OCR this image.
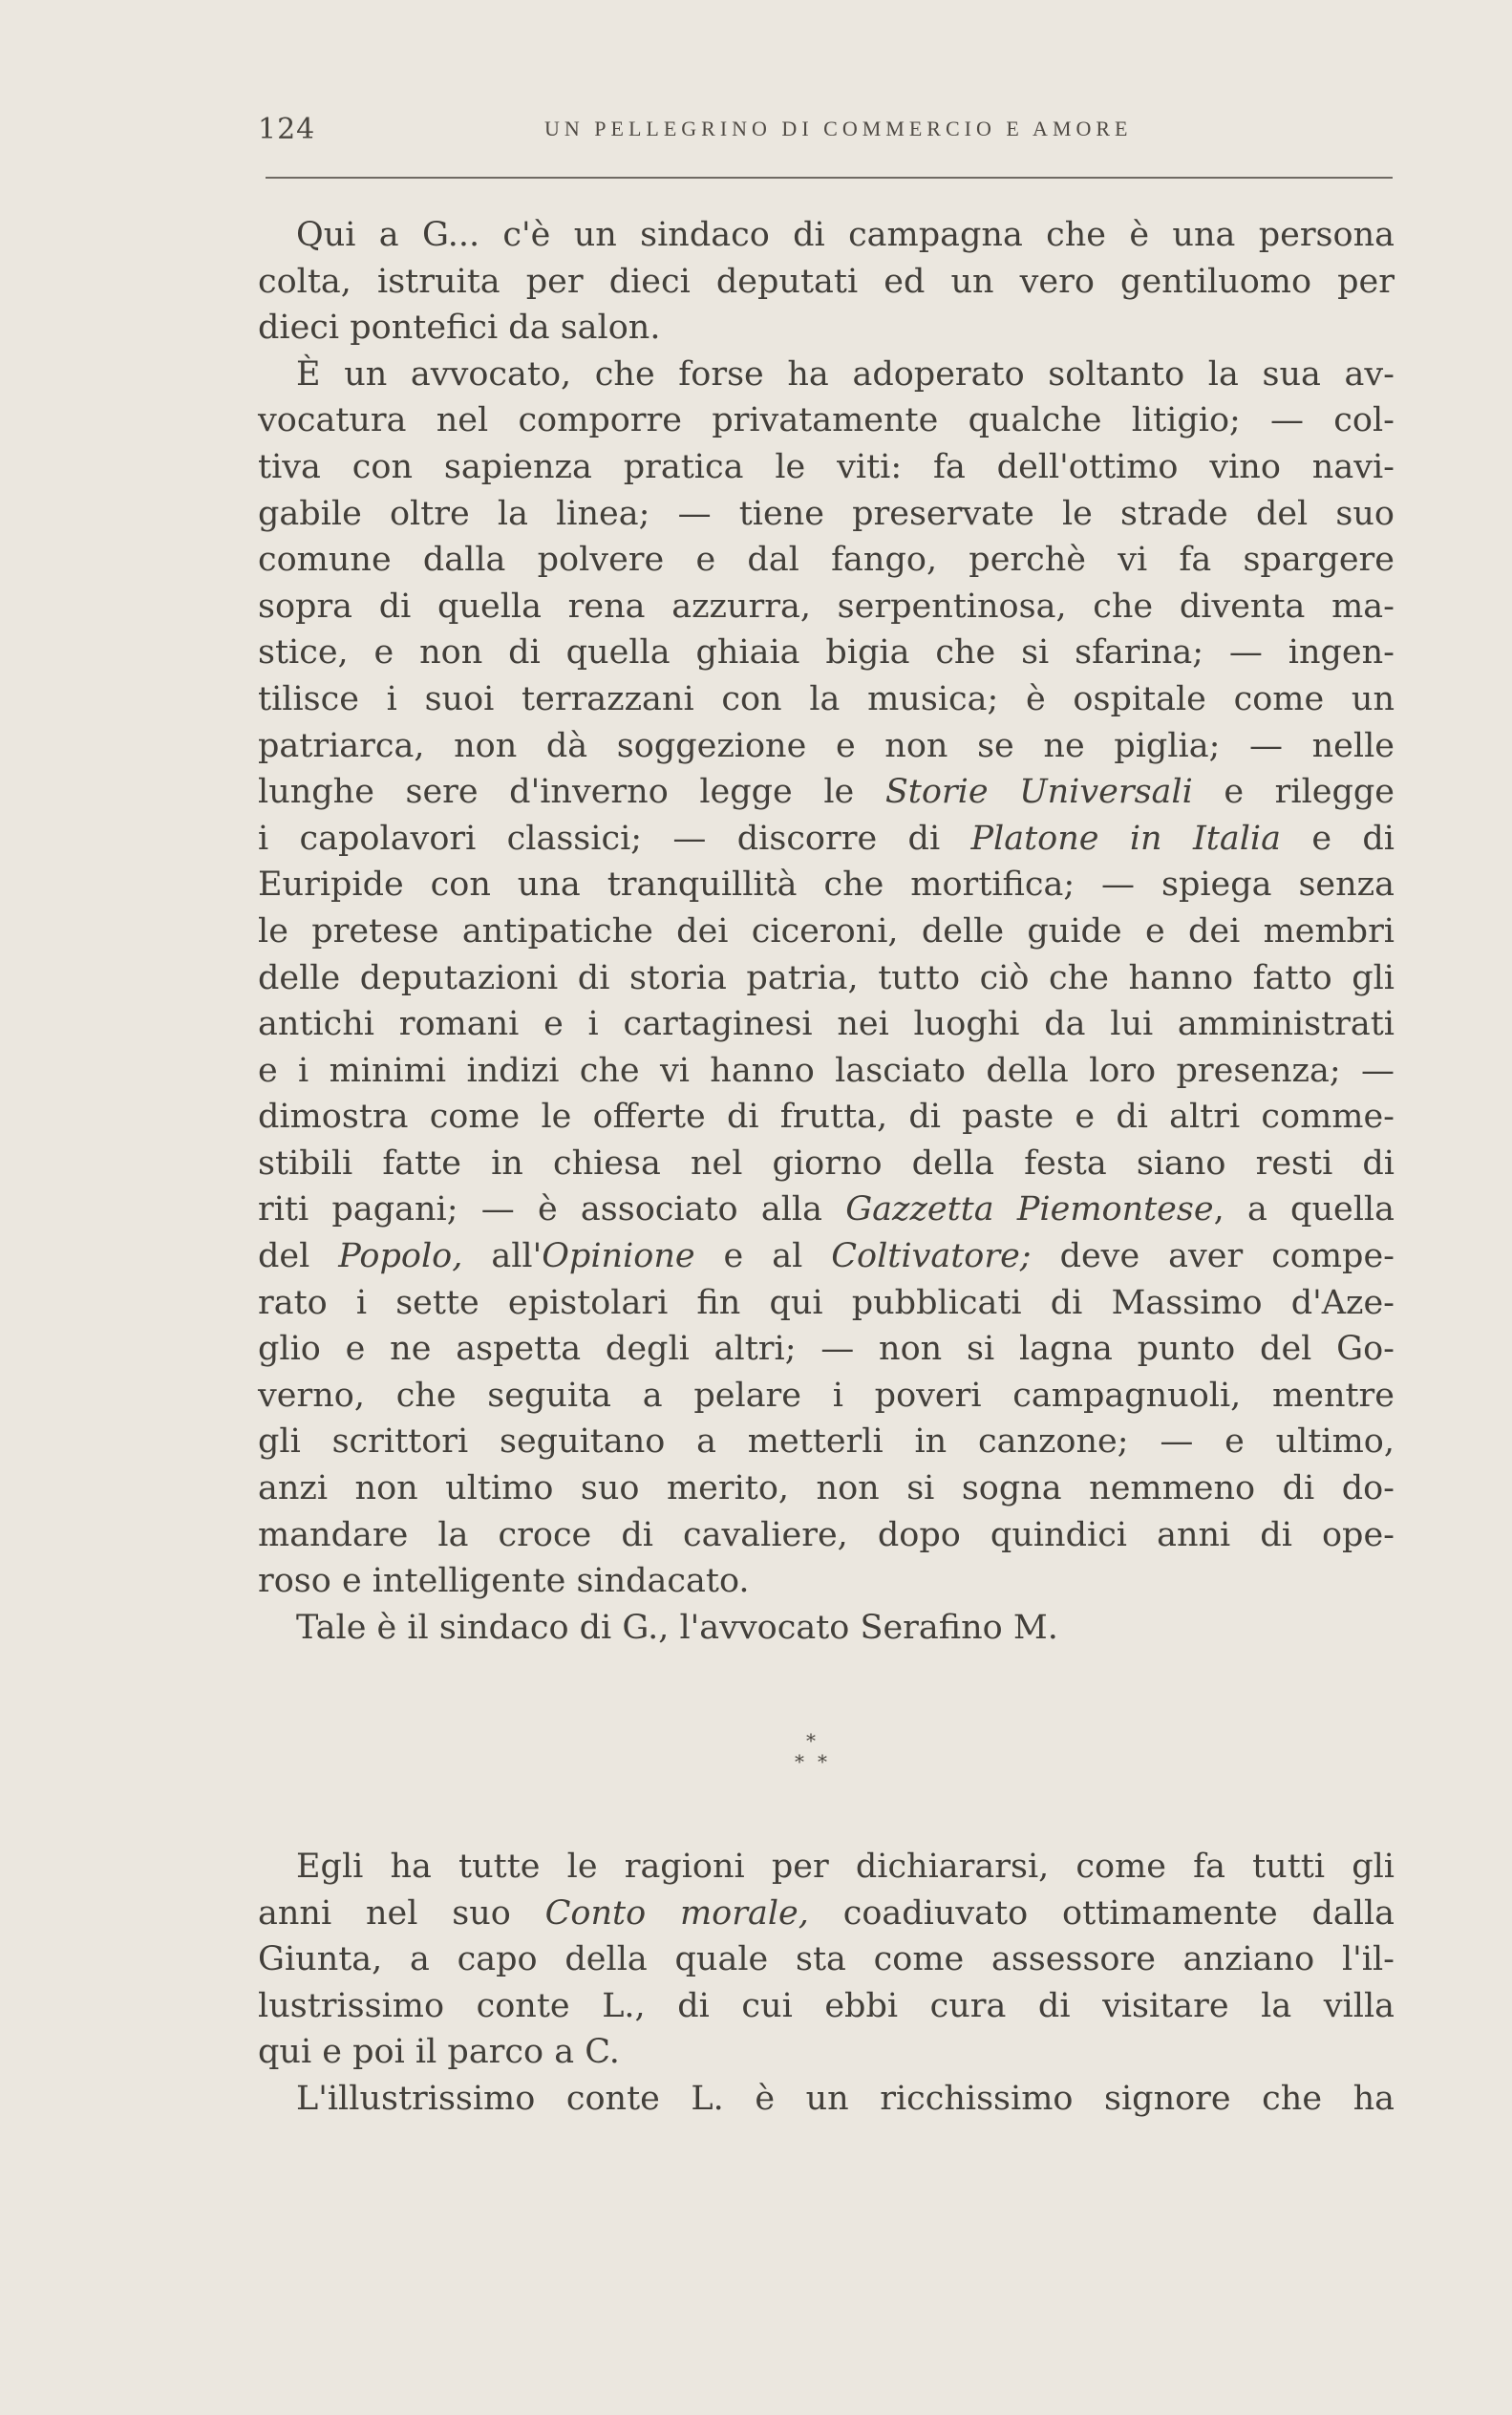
124	UN PELLEGRINO DI COMMERCIO E AMORE
Qui a G... c'è un sindaco di campagna che è una persona
colta, istruita per dieci deputati ed un vero gentiluomo per
dieci pontefici da salon.
È un avvocato, che forse ha adoperato soltanto la sua av-
vocatura nel comporre privatamente qualche litigio; — col-
tiva con sapienza pratica le viti: fa dell'ottimo vino navi-
gabile oltre la linea; — tiene preservate le strade del suo
comune dalla polvere e dal fango, perchè vi fa spargere
sopra di quella rena azzurra, serpentinosa, che diventa ma-
stice, e non di quella ghiaia bigia che si sfarina; — ingen-
tilisce i suoi terrazzani con la musica; è ospitale come un
patriarca, non dà soggezione e non se ne piglia; — nelle
lunghe sere d'inverno legge le Storie Universali e rilegge
i capolavori classici; — discorre di Platone in Italia e di
Euripide con una tranquillità che mortifica; — spiega senza
le pretese antipatiche dei ciceroni, delle guide e dei membri
delle deputazioni di storia patria, tutto ciò che hanno fatto gli
antichi romani e i cartaginesi nei luoghi da lui amministrati
e i minimi indizi che vi hanno lasciato della loro presenza; —
dimostra come le offerte di frutta, di paste e di altri comme-
stibili fatte in chiesa nel giorno della festa siano resti di
riti pagani; — è associato alla Gazzetta Piemontese, a quella
del Popolo, all'Opinione e al Coltivatore; deve aver compe-
rato i sette epistolari fin qui pubblicati di Massimo d'Aze-
glio e ne aspetta degli altri; — non si lagna punto del Go-
verno, che seguita a pelare i poveri campagnuoli, mentre
gli scrittori seguitano a metterli in canzone; — e ultimo,
anzi non ultimo suo merito, non si sogna nemmeno di do-
mandare la croce di cavaliere, dopo quindici anni di ope-
roso e intelligente sindacato.
Tale è il sindaco di G., l'avvocato Serafino M.
*
* *
Egli ha tutte le ragioni per dichiararsi, come fa tutti gli
anni nel suo Conto morale, coadiuvato ottimamente dalla
Giunta, a capo della quale sta come assessore anziano l'il-
lustrissimo conte L., di cui ebbi cura di visitare la villa
qui e poi il parco a C.
L'illustrissimo conte L. è un ricchissimo signore che ha
